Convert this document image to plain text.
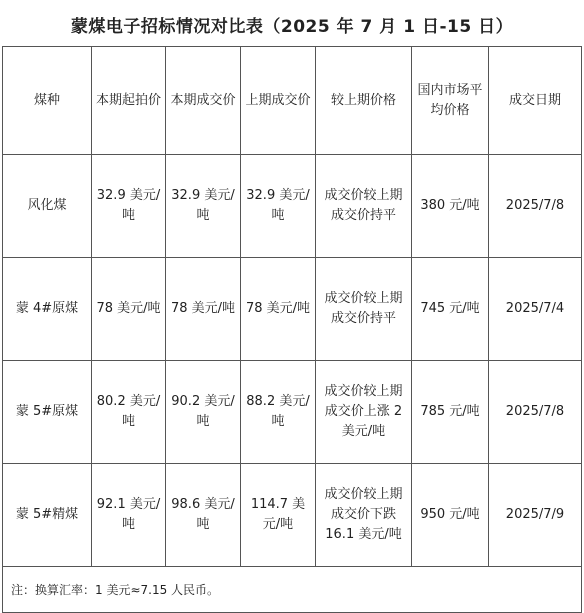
蒙煤电子招标情况对比表（2025 年 7 月 1 日-15 日）
煤种	本期起拍价	本期成交价	上期成交价	较上期价格	国内市场平均价格	成交日期
风化煤	32.9 美元/吨	32.9 美元/吨	32.9 美元/吨	成交价较上期成交价持平	380 元/吨	2025/7/8
蒙 4#原煤	78 美元/吨	78 美元/吨	78 美元/吨	成交价较上期成交价持平	745 元/吨	2025/7/4
蒙 5#原煤	80.2 美元/吨	90.2 美元/吨	88.2 美元/吨	成交价较上期成交价上涨 2 美元/吨	785 元/吨	2025/7/8
蒙 5#精煤	92.1 美元/吨	98.6 美元/吨	114.7 美元/吨	成交价较上期成交价下跌 16.1 美元/吨	950 元/吨	2025/7/9
注：换算汇率：1 美元≈7.15 人民币。						
